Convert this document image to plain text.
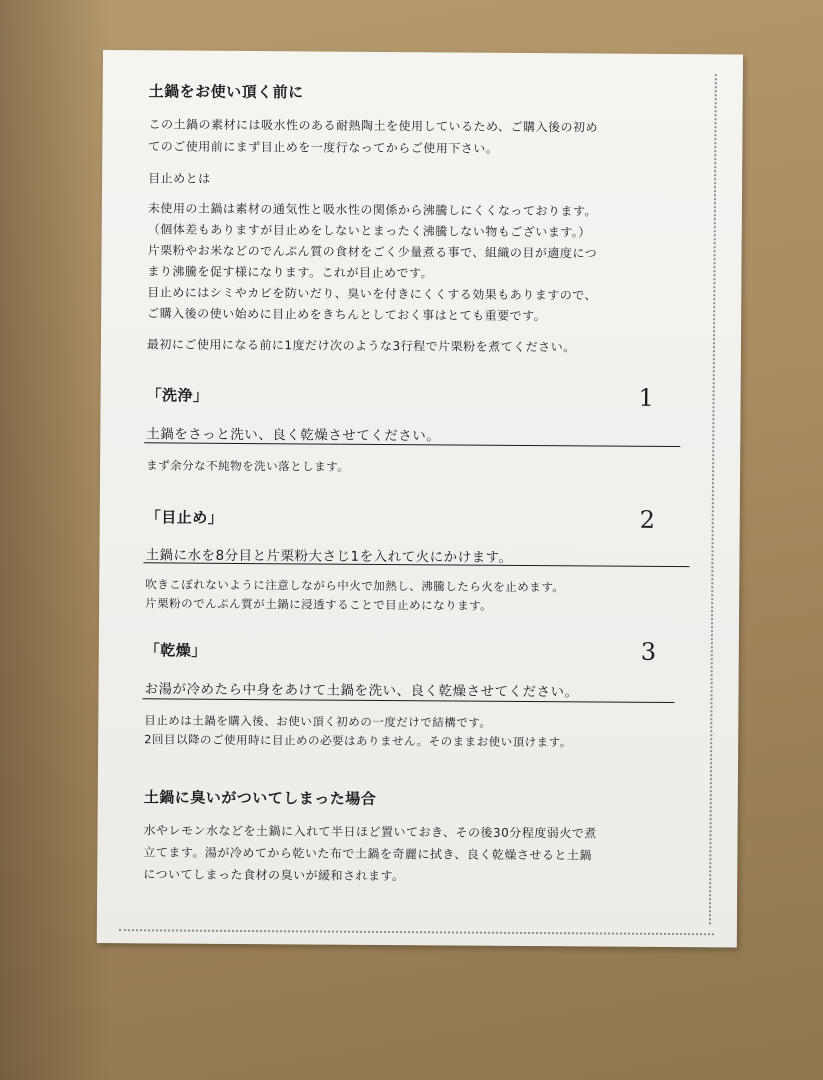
土鍋をお使い頂く前に
この土鍋の素材には吸水性のある耐熱陶土を使用しているため、ご購入後の初め
てのご使用前にまず目止めを一度行なってからご使用下さい。
目止めとは
未使用の土鍋は素材の通気性と吸水性の関係から沸騰しにくくなっております。
（個体差もありますが目止めをしないとまったく沸騰しない物もございます。）
片栗粉やお米などのでんぷん質の食材をごく少量煮る事で、組織の目が適度につ
まり沸騰を促す様になります。これが目止めです。
目止めにはシミやカビを防いだり、臭いを付きにくくする効果もありますので、
ご購入後の使い始めに目止めをきちんとしておく事はとても重要です。
最初にご使用になる前に1度だけ次のような3行程で片栗粉を煮てください。
「洗浄」	1
土鍋をさっと洗い、良く乾燥させてください。
まず余分な不純物を洗い落とします。
「目止め」	2
土鍋に水を8分目と片栗粉大さじ1を入れて火にかけます。
吹きこぼれないように注意しながら中火で加熱し、沸騰したら火を止めます。
片栗粉のでんぷん質が土鍋に浸透することで目止めになります。
「乾燥」	3
お湯が冷めたら中身をあけて土鍋を洗い、良く乾燥させてください。
目止めは土鍋を購入後、お使い頂く初めの一度だけで結構です。
2回目以降のご使用時に目止めの必要はありません。そのままお使い頂けます。
土鍋に臭いがついてしまった場合
水やレモン水などを土鍋に入れて半日ほど置いておき、その後30分程度弱火で煮
立てます。湯が冷めてから乾いた布で土鍋を奇麗に拭き、良く乾燥させると土鍋
についてしまった食材の臭いが緩和されます。
